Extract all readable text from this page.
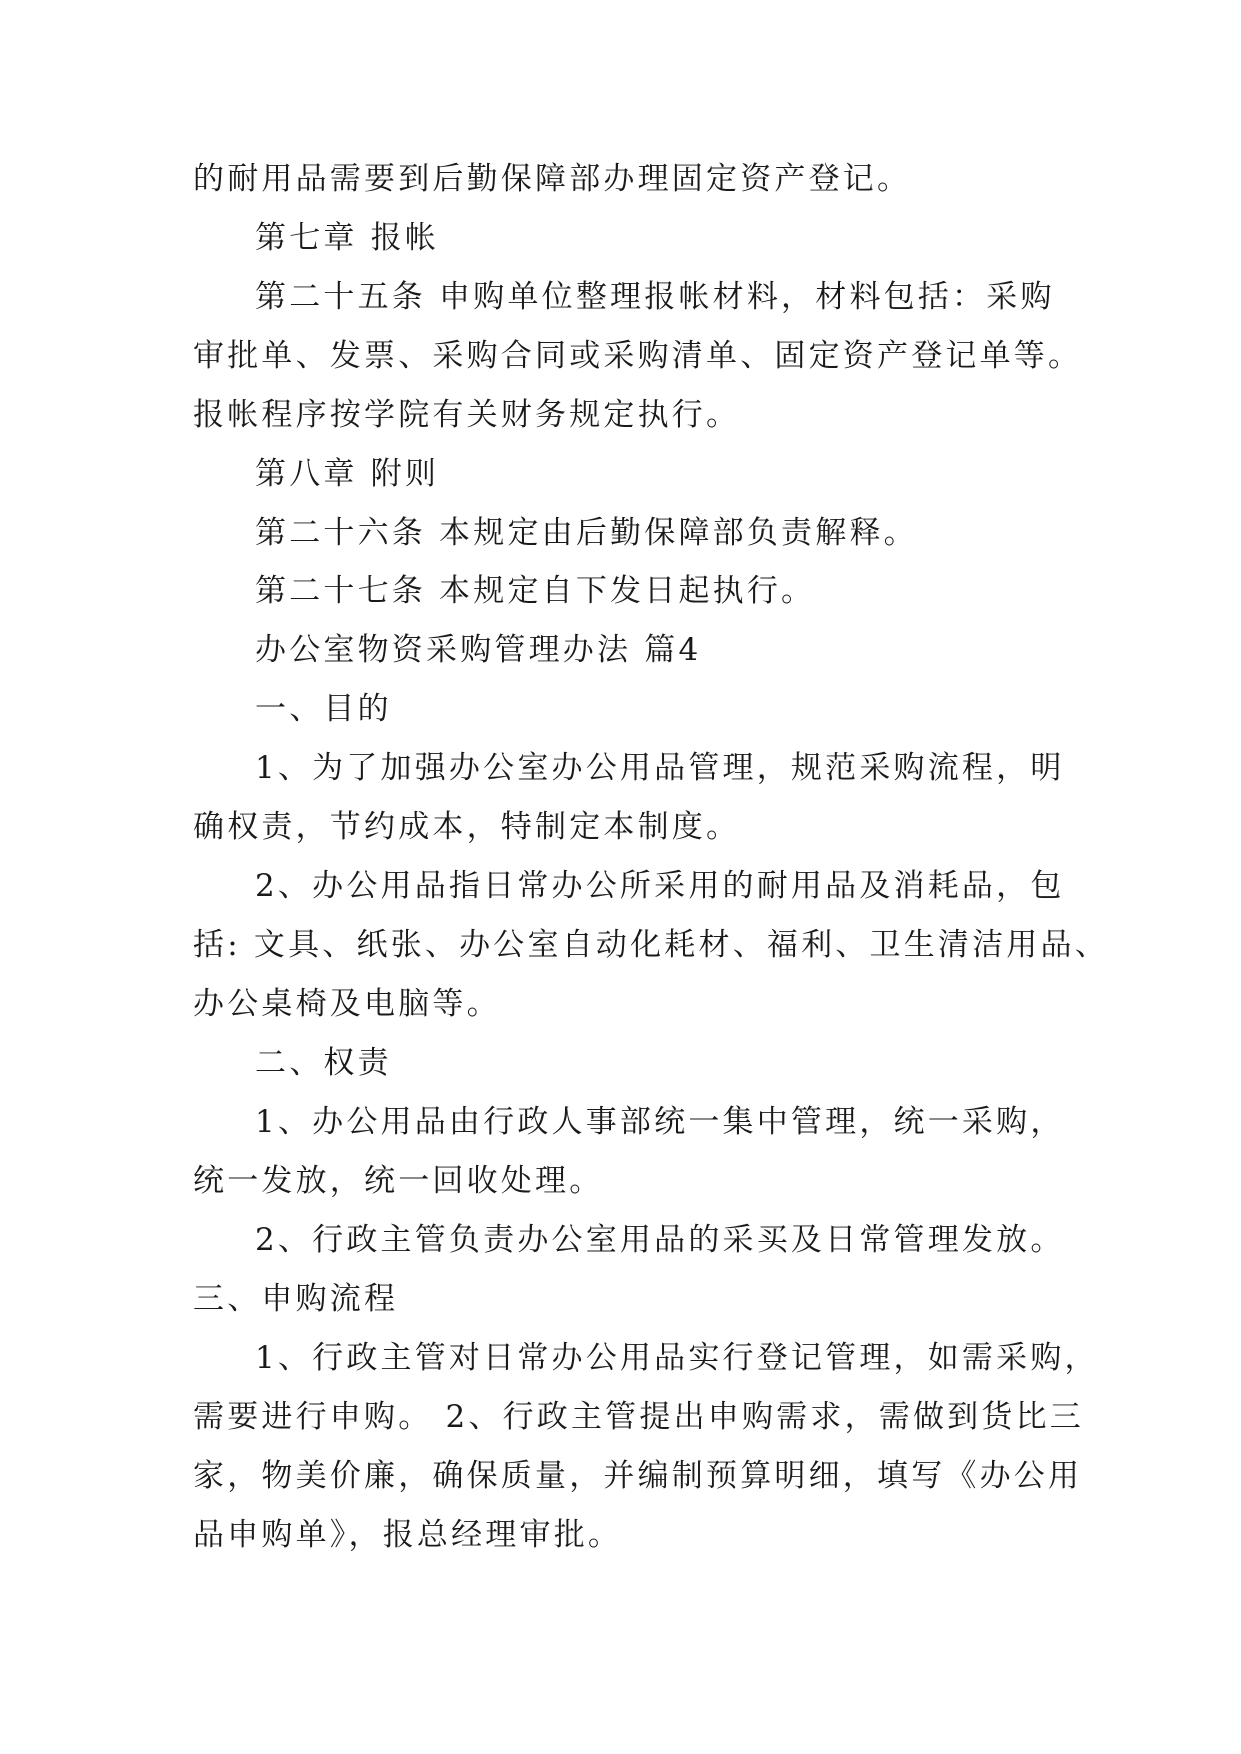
的耐用品需要到后勤保障部办理固定资产登记。
第七章 报帐
第二十五条 申购单位整理报帐材料，材料包括：采购
审批单、发票、采购合同或采购清单、固定资产登记单等。
报帐程序按学院有关财务规定执行。
第八章 附则
第二十六条 本规定由后勤保障部负责解释。
第二十七条 本规定自下发日起执行。
办公室物资采购管理办法 篇4
一、目的
1、为了加强办公室办公用品管理，规范采购流程，明
确权责，节约成本，特制定本制度。
2、办公用品指日常办公所采用的耐用品及消耗品，包
括: 文具、纸张、办公室自动化耗材、福利、卫生清洁用品、
办公桌椅及电脑等。
二、权责
1、办公用品由行政人事部统一集中管理，统一采购，
统一发放，统一回收处理。
2、行政主管负责办公室用品的采买及日常管理发放。
三、申购流程
1、行政主管对日常办公用品实行登记管理，如需采购，
需要进行申购。 2、行政主管提出申购需求，需做到货比三
家，物美价廉，确保质量，并编制预算明细，填写《办公用
品申购单》，报总经理审批。
